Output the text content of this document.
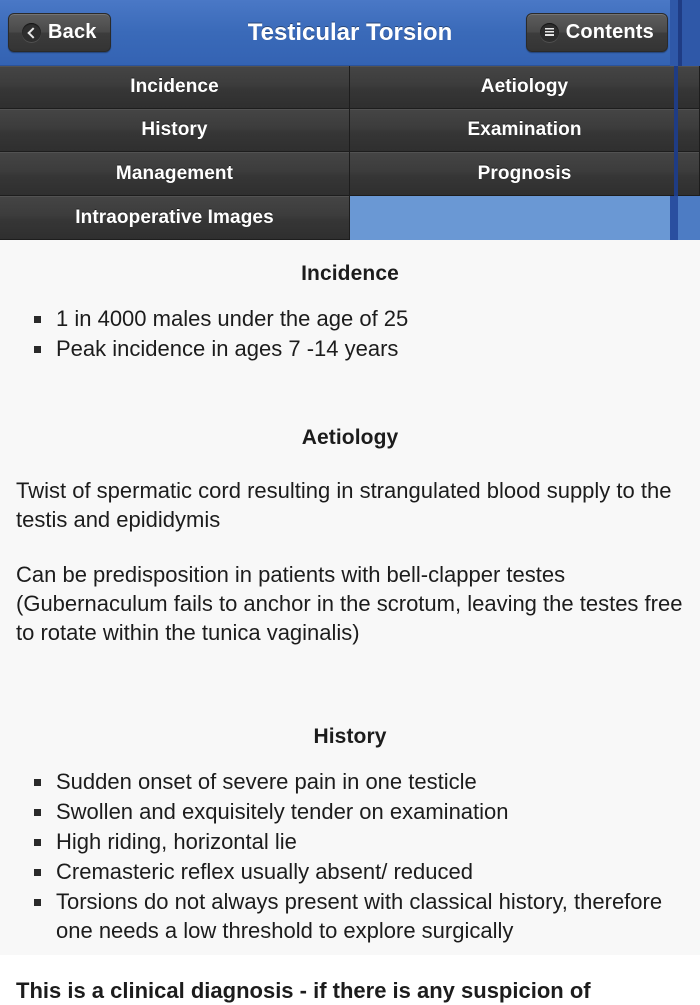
Back	Testicular Torsion	Contents
Incidence	Aetiology
History	Examination
Management	Prognosis
Intraoperative Images
Incidence
1 in 4000 males under the age of 25
Peak incidence in ages 7 -14 years
Aetiology

Twist of spermatic cord resulting in strangulated blood supply to the testis and epididymis

Can be predisposition in patients with bell-clapper testes (Gubernaculum fails to anchor in the scrotum, leaving the testes free to rotate within the tunica vaginalis)

History
Sudden onset of severe pain in one testicle
Swollen and exquisitely tender on examination
High riding, horizontal lie
Cremasteric reflex usually absent/ reduced
Torsions do not always present with classical history, therefore one needs a low threshold to explore surgically

This is a clinical diagnosis - if there is any suspicion of
